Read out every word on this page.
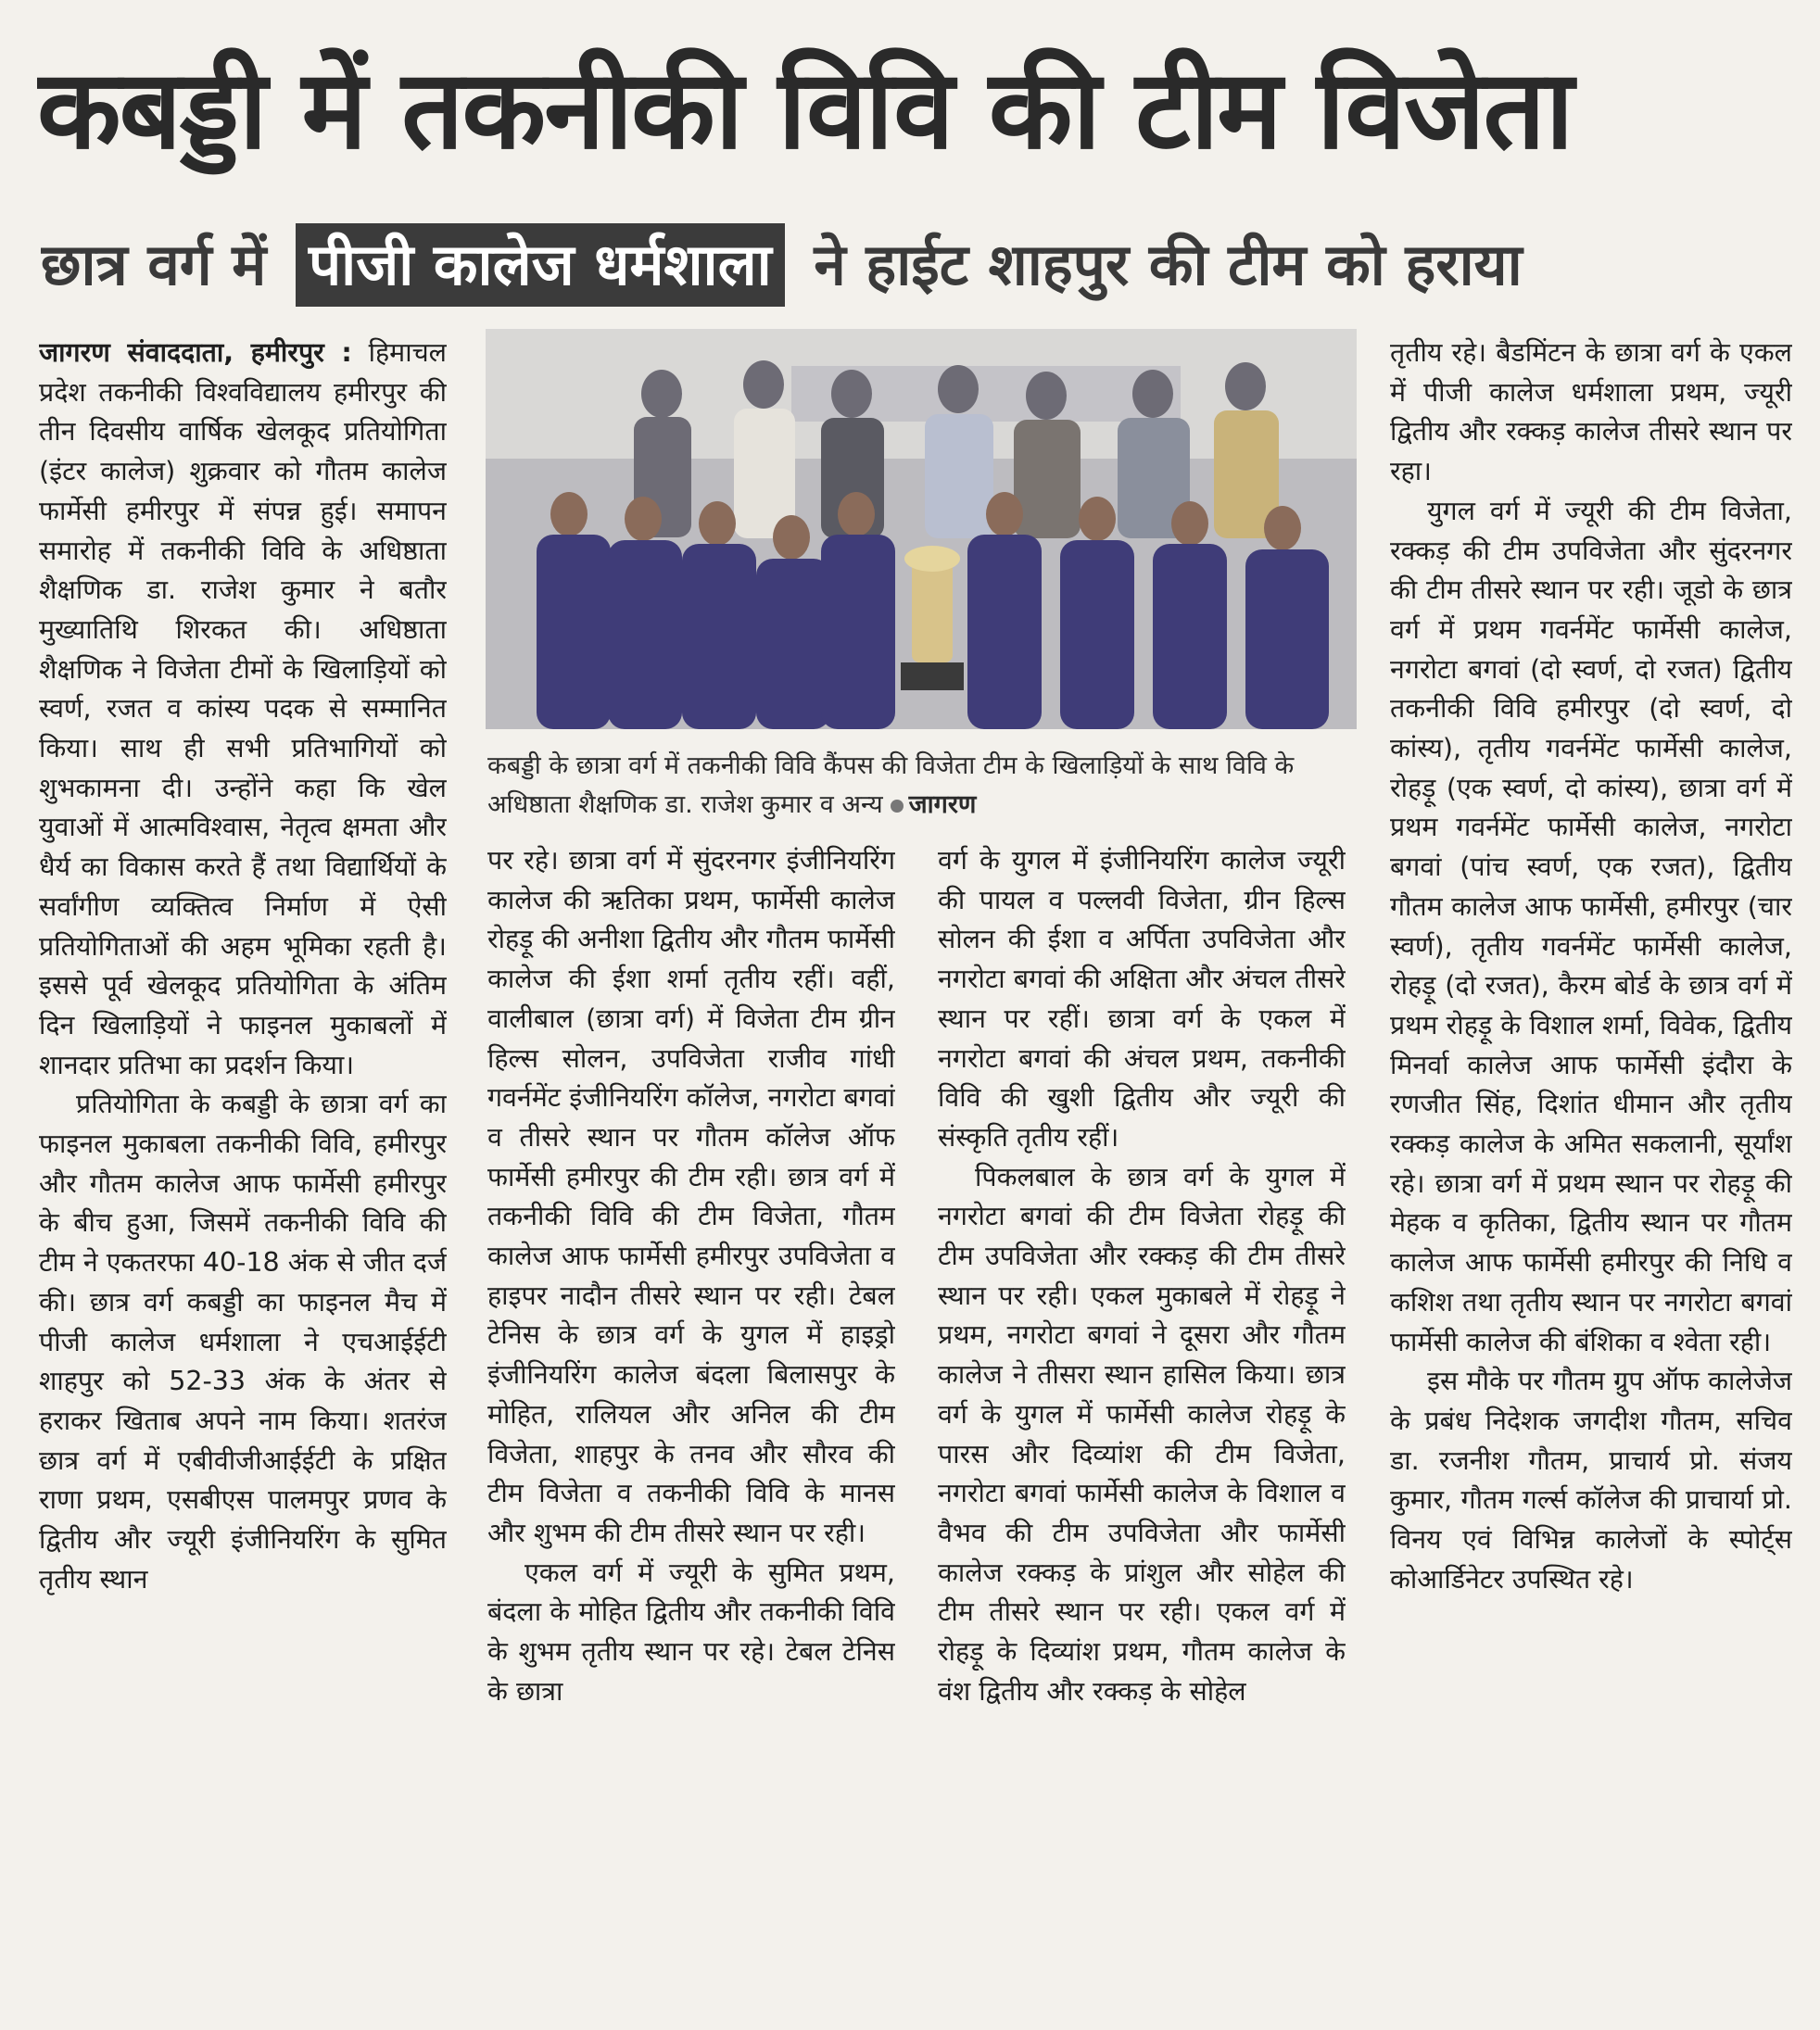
कबड्डी में तकनीकी विवि की टीम विजेता
छात्र वर्ग में पीजी कालेज धर्मशाला ने हाईट शाहपुर की टीम को हराया

जागरण संवाददाता, हमीरपुर : हिमाचल प्रदेश तकनीकी विश्वविद्यालय हमीरपुर की तीन दिवसीय वार्षिक खेलकूद प्रतियोगिता (इंटर कालेज) शुक्रवार को गौतम कालेज फार्मेसी हमीरपुर में संपन्न हुई। समापन समारोह में तकनीकी विवि के अधिष्ठाता शैक्षणिक डा. राजेश कुमार ने बतौर मुख्यातिथि शिरकत की। अधिष्ठाता शैक्षणिक ने विजेता टीमों के खिलाड़ियों को स्वर्ण, रजत व कांस्य पदक से सम्मानित किया। साथ ही सभी प्रतिभागियों को शुभकामना दी। उन्होंने कहा कि खेल युवाओं में आत्मविश्वास, नेतृत्व क्षमता और धैर्य का विकास करते हैं तथा विद्यार्थियों के सर्वांगीण व्यक्तित्व निर्माण में ऐसी प्रतियोगिताओं की अहम भूमिका रहती है। इससे पूर्व खेलकूद प्रतियोगिता के अंतिम दिन खिलाड़ियों ने फाइनल मुकाबलों में शानदार प्रतिभा का प्रदर्शन किया।

प्रतियोगिता के कबड्डी के छात्रा वर्ग का फाइनल मुकाबला तकनीकी विवि, हमीरपुर और गौतम कालेज आफ फार्मेसी हमीरपुर के बीच हुआ, जिसमें तकनीकी विवि की टीम ने एकतरफा 40-18 अंक से जीत दर्ज की। छात्र वर्ग कबड्डी का फाइनल मैच में पीजी कालेज धर्मशाला ने एचआईईटी शाहपुर को 52-33 अंक के अंतर से हराकर खिताब अपने नाम किया। शतरंज छात्र वर्ग में एबीवीजीआईईटी के प्रक्षित राणा प्रथम, एसबीएस पालमपुर प्रणव के द्वितीय और ज्यूरी इंजीनियरिंग के सुमित तृतीय स्थान

कबड्डी के छात्रा वर्ग में तकनीकी विवि कैंपस की विजेता टीम के खिलाड़ियों के साथ विवि के अधिष्ठाता शैक्षणिक डा. राजेश कुमार व अन्य जागरण

पर रहे। छात्रा वर्ग में सुंदरनगर इंजीनियरिंग कालेज की ऋतिका प्रथम, फार्मेसी कालेज रोहड़ू की अनीशा द्वितीय और गौतम फार्मेसी कालेज की ईशा शर्मा तृतीय रहीं। वहीं, वालीबाल (छात्रा वर्ग) में विजेता टीम ग्रीन हिल्स सोलन, उपविजेता राजीव गांधी गवर्नमेंट इंजीनियरिंग कॉलेज, नगरोटा बगवां व तीसरे स्थान पर गौतम कॉलेज ऑफ फार्मेसी हमीरपुर की टीम रही। छात्र वर्ग में तकनीकी विवि की टीम विजेता, गौतम कालेज आफ फार्मेसी हमीरपुर उपविजेता व हाइपर नादौन तीसरे स्थान पर रही। टेबल टेनिस के छात्र वर्ग के युगल में हाइड्रो इंजीनियरिंग कालेज बंदला बिलासपुर के मोहित, रालियल और अनिल की टीम विजेता, शाहपुर के तनव और सौरव की टीम विजेता व तकनीकी विवि के मानस और शुभम की टीम तीसरे स्थान पर रही।

एकल वर्ग में ज्यूरी के सुमित प्रथम, बंदला के मोहित द्वितीय और तकनीकी विवि के शुभम तृतीय स्थान पर रहे। टेबल टेनिस के छात्रा

वर्ग के युगल में इंजीनियरिंग कालेज ज्यूरी की पायल व पल्लवी विजेता, ग्रीन हिल्स सोलन की ईशा व अर्पिता उपविजेता और नगरोटा बगवां की अक्षिता और अंचल तीसरे स्थान पर रहीं। छात्रा वर्ग के एकल में नगरोटा बगवां की अंचल प्रथम, तकनीकी विवि की खुशी द्वितीय और ज्यूरी की संस्कृति तृतीय रहीं।

पिकलबाल के छात्र वर्ग के युगल में नगरोटा बगवां की टीम विजेता रोहड़ू की टीम उपविजेता और रक्कड़ की टीम तीसरे स्थान पर रही। एकल मुकाबले में रोहड़ू ने प्रथम, नगरोटा बगवां ने दूसरा और गौतम कालेज ने तीसरा स्थान हासिल किया। छात्र वर्ग के युगल में फार्मेसी कालेज रोहड़ू के पारस और दिव्यांश की टीम विजेता, नगरोटा बगवां फार्मेसी कालेज के विशाल व वैभव की टीम उपविजेता और फार्मेसी कालेज रक्कड़ के प्रांशुल और सोहेल की टीम तीसरे स्थान पर रही। एकल वर्ग में रोहड़ू के दिव्यांश प्रथम, गौतम कालेज के वंश द्वितीय और रक्कड़ के सोहेल

तृतीय रहे। बैडमिंटन के छात्रा वर्ग के एकल में पीजी कालेज धर्मशाला प्रथम, ज्यूरी द्वितीय और रक्कड़ कालेज तीसरे स्थान पर रहा।

युगल वर्ग में ज्यूरी की टीम विजेता, रक्कड़ की टीम उपविजेता और सुंदरनगर की टीम तीसरे स्थान पर रही। जूडो के छात्र वर्ग में प्रथम गवर्नमेंट फार्मेसी कालेज, नगरोटा बगवां (दो स्वर्ण, दो रजत) द्वितीय तकनीकी विवि हमीरपुर (दो स्वर्ण, दो कांस्य), तृतीय गवर्नमेंट फार्मेसी कालेज, रोहड़ू (एक स्वर्ण, दो कांस्य), छात्रा वर्ग में प्रथम गवर्नमेंट फार्मेसी कालेज, नगरोटा बगवां (पांच स्वर्ण, एक रजत), द्वितीय गौतम कालेज आफ फार्मेसी, हमीरपुर (चार स्वर्ण), तृतीय गवर्नमेंट फार्मेसी कालेज, रोहड़ू (दो रजत), कैरम बोर्ड के छात्र वर्ग में प्रथम रोहड़ू के विशाल शर्मा, विवेक, द्वितीय मिनर्वा कालेज आफ फार्मेसी इंदौरा के रणजीत सिंह, दिशांत धीमान और तृतीय रक्कड़ कालेज के अमित सकलानी, सूर्यांश रहे। छात्रा वर्ग में प्रथम स्थान पर रोहड़ू की मेहक व कृतिका, द्वितीय स्थान पर गौतम कालेज आफ फार्मेसी हमीरपुर की निधि व कशिश तथा तृतीय स्थान पर नगरोटा बगवां फार्मेसी कालेज की बंशिका व श्वेता रही।

इस मौके पर गौतम ग्रुप ऑफ कालेजेज के प्रबंध निदेशक जगदीश गौतम, सचिव डा. रजनीश गौतम, प्राचार्य प्रो. संजय कुमार, गौतम गर्ल्स कॉलेज की प्राचार्या प्रो. विनय एवं विभिन्न कालेजों के स्पोर्ट्स कोआर्डिनेटर उपस्थित रहे।
